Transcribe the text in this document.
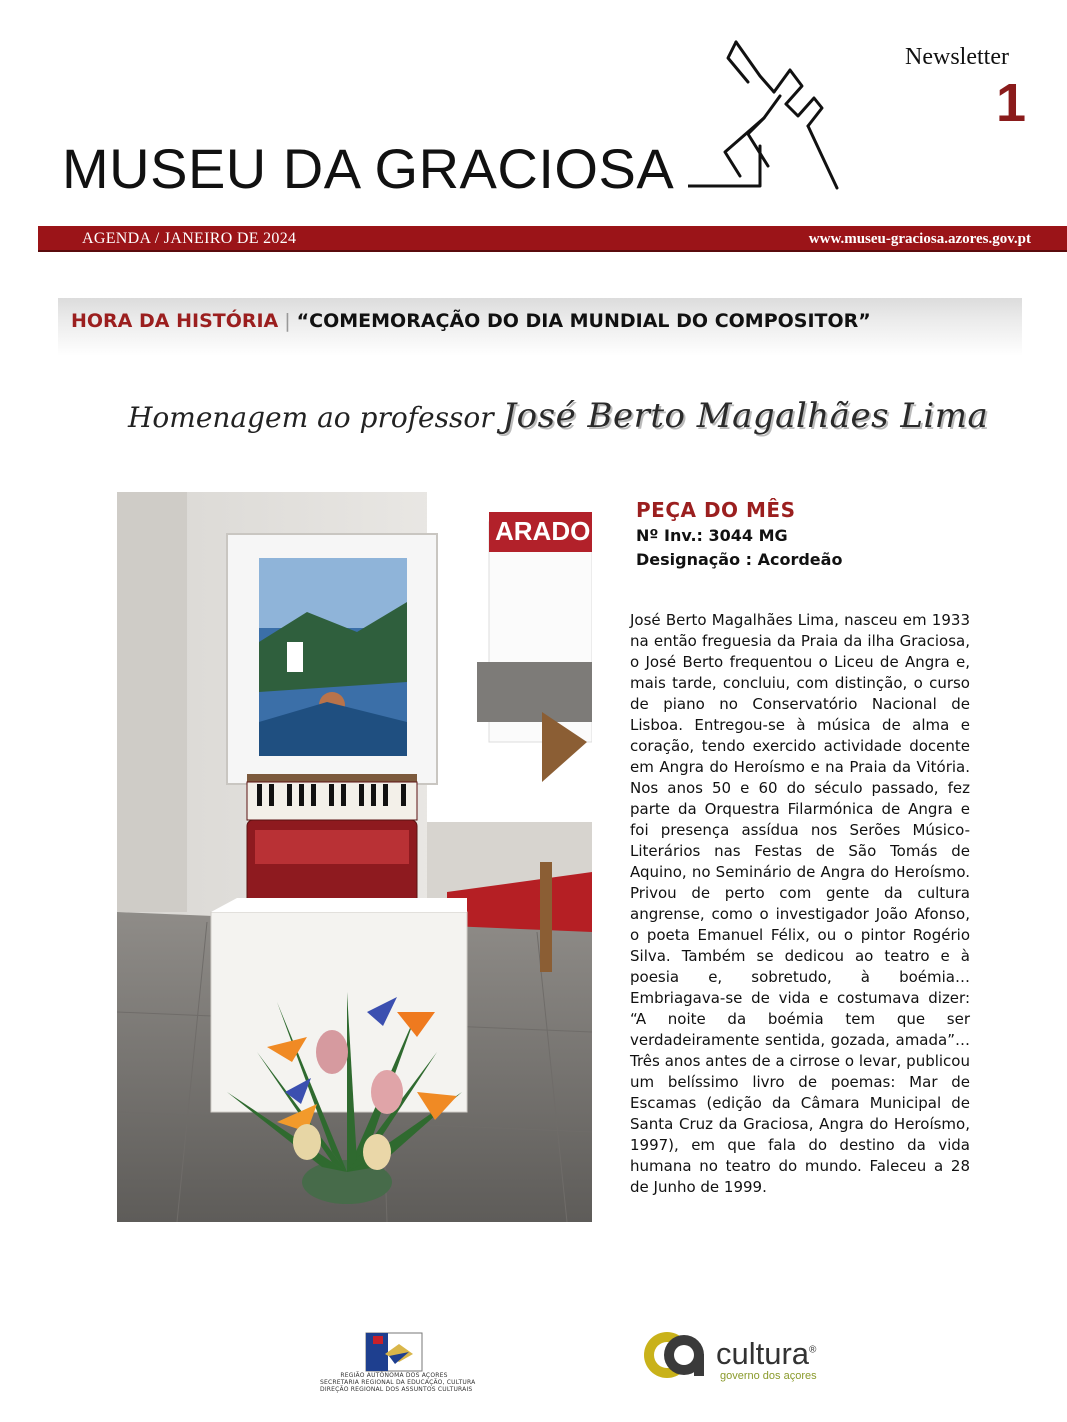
Newsletter
1
MUSEU DA GRACIOSA
AGENDA / JANEIRO DE 2024	www.museu-graciosa.azores.gov.pt
HORA DA HISTÓRIA | “COMEMORAÇÃO DO DIA MUNDIAL DO COMPOSITOR”
Homenagem ao professor José Berto Magalhães Lima
ARADO
PEÇA DO MÊS
Nº Inv.: 3044 MG
Designação : Acordeão

José Berto Magalhães Lima, nasceu em 1933 na então freguesia da Praia da ilha Graciosa, o José Berto frequentou o Liceu de Angra e, mais tarde, concluiu, com distinção, o curso de piano no Conservatório Nacional de Lisboa. Entregou-se à música de alma e coração, tendo exercido actividade docente em Angra do Heroísmo e na Praia da Vitória. Nos anos 50 e 60 do século passado, fez parte da Orquestra Filarmónica de Angra e foi presença assídua nos Serões Músico-Literários nas Festas de São Tomás de Aquino, no Seminário de Angra do Heroísmo. Privou de perto com gente da cultura angrense, como o investigador João Afonso, o poeta Emanuel Félix, ou o pintor Rogério Silva. Também se dedicou ao teatro e à poesia e, sobretudo, à boémia… Embriagava-se de vida e costumava dizer: “A noite da boémia tem que ser verdadeiramente sentida, gozada, amada”… Três anos antes de a cirrose o levar, publicou um belíssimo livro de poemas: Mar de Escamas (edição da Câmara Municipal de Santa Cruz da Graciosa, Angra do Heroísmo, 1997), em que fala do destino da vida humana no teatro do mundo. Faleceu a 28 de Junho de 1999.

REGIÃO AUTÓNOMA DOS AÇORES
SECRETARIA REGIONAL DA EDUCAÇÃO, CULTURA
DIREÇÃO REGIONAL DOS ASSUNTOS CULTURAIS
cultura®
governo dos açores
